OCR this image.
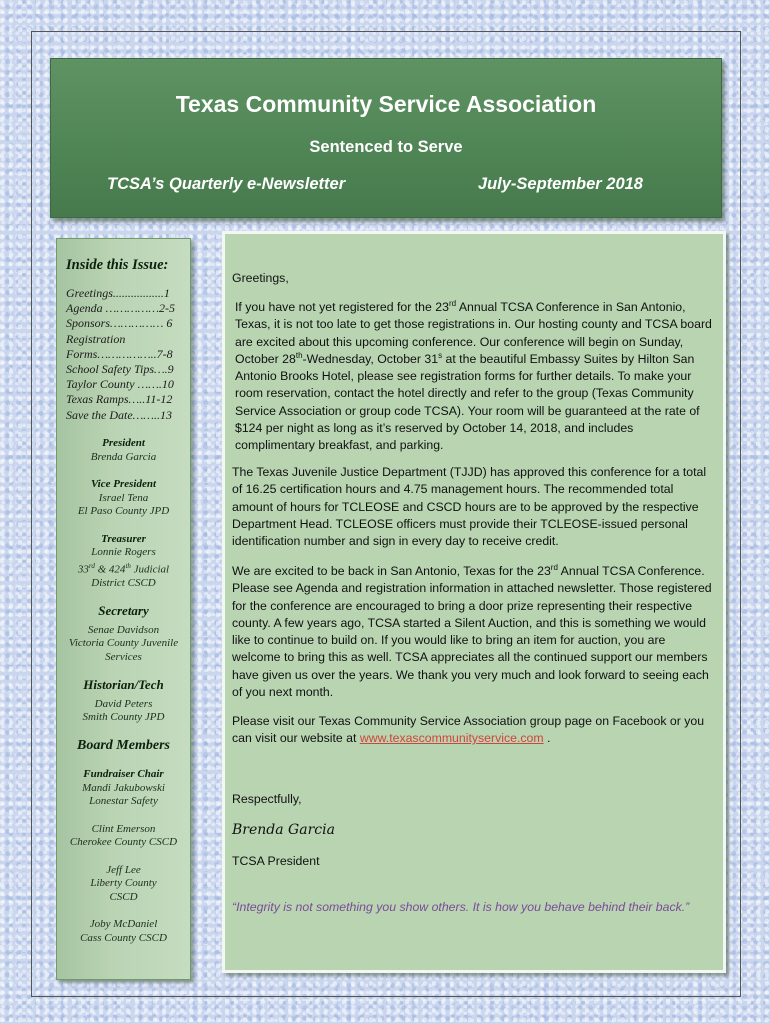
Texas Community Service Association
Sentenced to Serve
TCSA’s Quarterly e-Newsletter	July-September 2018
Inside this Issue:
Greetings.................1
Agenda ……………2-5
Sponsors…………… 6
Registration
Forms……………..7-8
School Safety Tips….9
Taylor County …….10
Texas Ramps…..11-12
Save the Date……..13
President
Brenda Garcia
Vice President
Israel Tena
El Paso County JPD
Treasurer
Lonnie Rogers
33rd & 424th Judicial
District CSCD
Secretary
Senae Davidson
Victoria County Juvenile
Services
Historian/Tech
David Peters
Smith County JPD
Board Members
Fundraiser Chair
Mandi Jakubowski
Lonestar Safety
Clint Emerson
Cherokee County CSCD
Jeff Lee
Liberty County
CSCD
Joby McDaniel
Cass County CSCD

Greetings,

If you have not yet registered for the 23rd Annual TCSA Conference in San Antonio, Texas, it is not too late to get those registrations in. Our hosting county and TCSA board are excited about this upcoming conference. Our conference will begin on Sunday, October 28th-Wednesday, October 31$^s$ at the beautiful Embassy Suites by Hilton San Antonio Brooks Hotel, please see registration forms for further details. To make your room reservation, contact the hotel directly and refer to the group (Texas Community Service Association or group code TCSA). Your room will be guaranteed at the rate of $124 per night as long as it’s reserved by October 14, 2018, and includes complimentary breakfast, and parking.

The Texas Juvenile Justice Department (TJJD) has approved this conference for a total of 16.25 certification hours and 4.75 management hours. The recommended total amount of hours for TCLEOSE and CSCD hours are to be approved by the respective Department Head. TCLEOSE officers must provide their TCLEOSE-issued personal identification number and sign in every day to receive credit.

We are excited to be back in San Antonio, Texas for the 23rd Annual TCSA Conference. Please see Agenda and registration information in attached newsletter. Those registered for the conference are encouraged to bring a door prize representing their respective county. A few years ago, TCSA started a Silent Auction, and this is something we would like to continue to build on. If you would like to bring an item for auction, you are welcome to bring this as well. TCSA appreciates all the continued support our members have given us over the years. We thank you very much and look forward to seeing each of you next month.

Please visit our Texas Community Service Association group page on Facebook or you can visit our website at www.texascommunityservice.com .

Respectfully,

Brenda Garcia

TCSA President

“Integrity is not something you show others. It is how you behave behind their back.”
